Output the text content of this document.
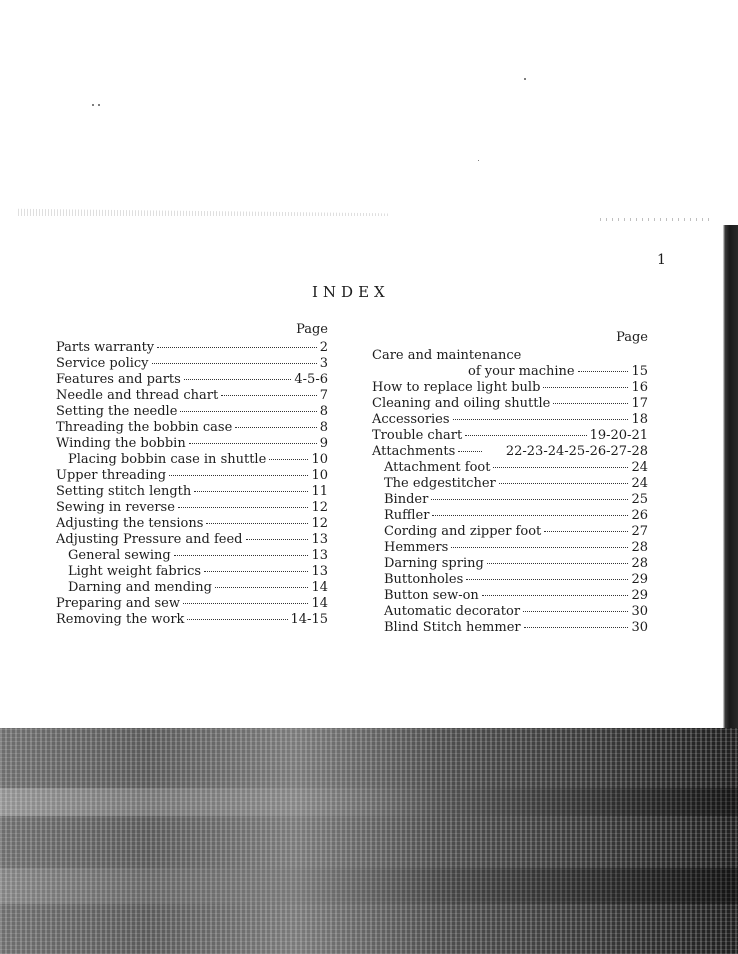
1
INDEX
Page
Parts warranty	2
Service policy	3
Features and parts	4-5-6
Needle and thread chart	7
Setting the needle	8
Threading the bobbin case	8
Winding the bobbin	9
Placing bobbin case in shuttle	10
Upper threading	10
Setting stitch length	11
Sewing in reverse	12
Adjusting the tensions	12
Adjusting Pressure and feed	13
General sewing	13
Light weight fabrics	13
Darning and mending	14
Preparing and sew	14
Removing the work	14-15
Page
Care and maintenance
of your machine	15
How to replace light bulb	16
Cleaning and oiling shuttle	17
Accessories	18
Trouble chart	19-20-21
Attachments	22-23-24-25-26-27-28
Attachment foot	24
The edgestitcher	24
Binder	25
Ruffler	26
Cording and zipper foot	27
Hemmers	28
Darning spring	28
Buttonholes	29
Button sew-on	29
Automatic decorator	30
Blind Stitch hemmer	30
